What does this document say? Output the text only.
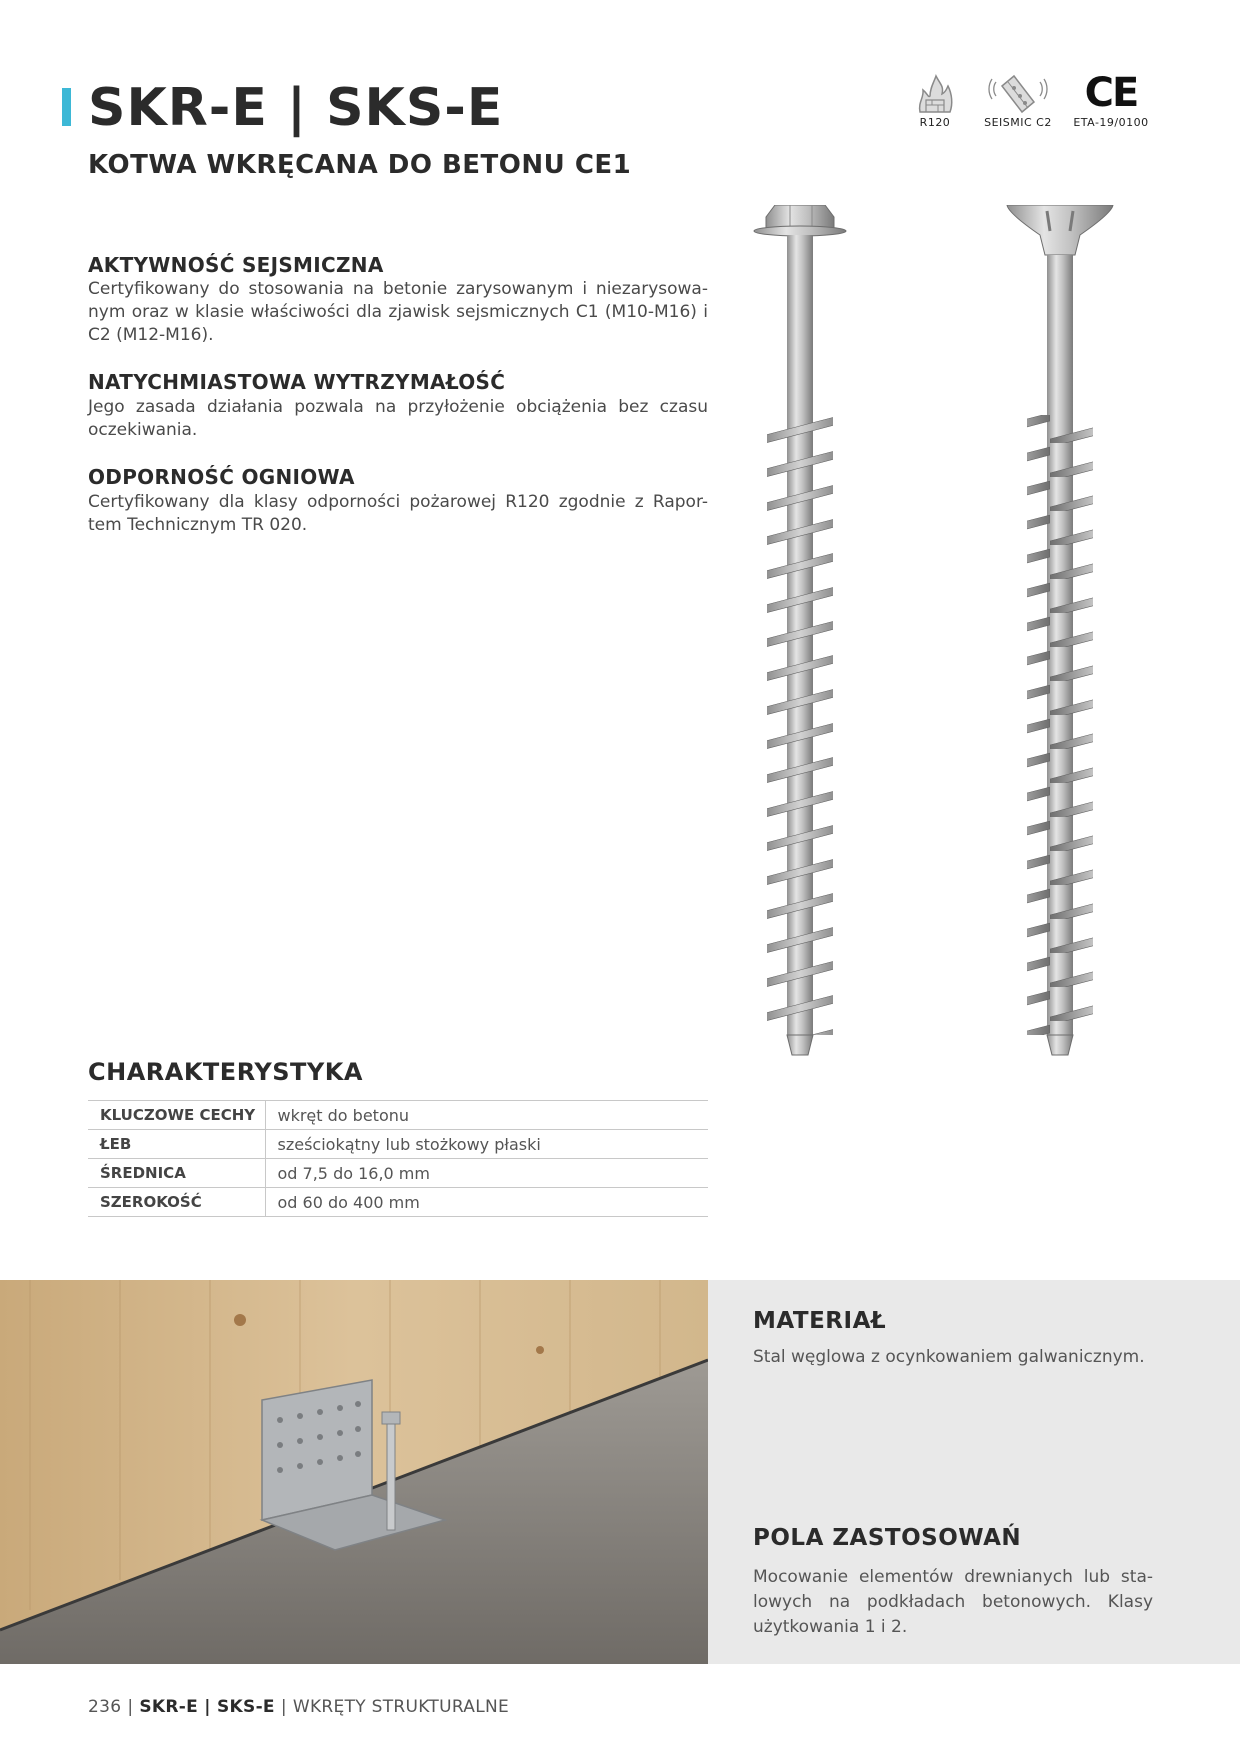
SKR-E | SKS-E
KOTWA WKRĘCANA DO BETONU CE1
R120	SEISMIC C2
CE
ETA-19/0100
AKTYWNOŚĆ SEJSMICZNA

Certyfikowany do stosowania na betonie zarysowanym i niezarysowa-nym oraz w klasie właściwości dla zjawisk sejsmicznych C1 (M10-M16) i C2 (M12-M16).

NATYCHMIASTOWA WYTRZYMAŁOŚĆ

Jego zasada działania pozwala na przyłożenie obciążenia bez czasu oczekiwania.

ODPORNOŚĆ OGNIOWA

Certyfikowany dla klasy odporności pożarowej R120 zgodnie z Rapor-tem Technicznym TR 020.

CHARAKTERYSTYKA
KLUCZOWE CECHY	wkręt do betonu
ŁEB	sześciokątny lub stożkowy płaski
ŚREDNICA	od 7,5 do 16,0 mm
SZEROKOŚĆ	od 60 do 400 mm
MATERIAŁ

Stal węglowa z ocynkowaniem galwanicznym.

POLA ZASTOSOWAŃ

Mocowanie elementów drewnianych lub sta-lowych na podkładach betonowych. Klasy użytkowania 1 i 2.

236 | SKR-E | SKS-E | WKRĘTY STRUKTURALNE
